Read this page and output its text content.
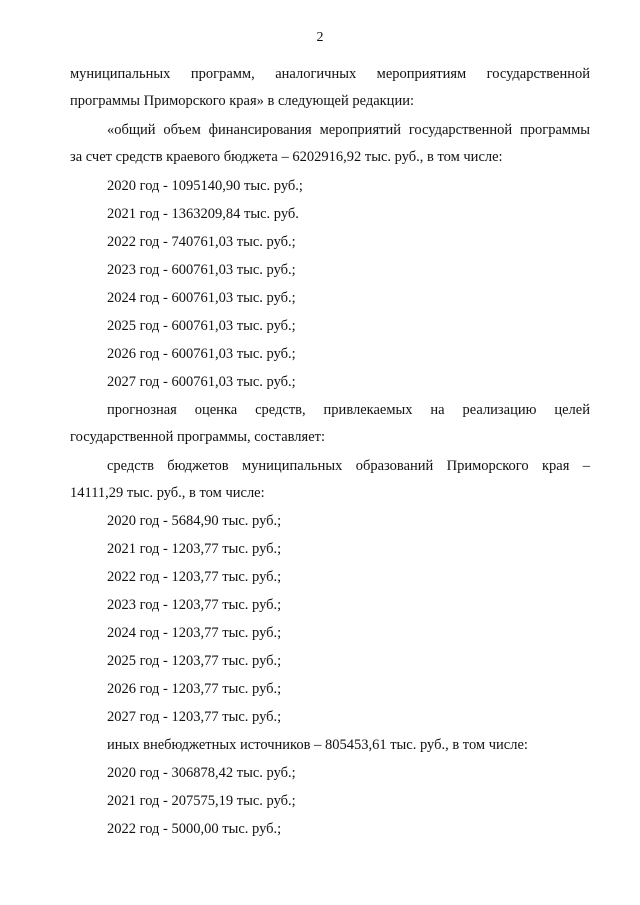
2
муниципальных программ, аналогичных мероприятиям государственной
программы Приморского края» в следующей редакции:
«общий объем финансирования мероприятий государственной программы
за счет средств краевого бюджета – 6202916,92 тыс. руб., в том числе:
2020 год - 1095140,90 тыс. руб.;
2021 год - 1363209,84 тыс. руб.
2022 год - 740761,03 тыс. руб.;
2023 год - 600761,03 тыс. руб.;
2024 год - 600761,03 тыс. руб.;
2025 год - 600761,03 тыс. руб.;
2026 год - 600761,03 тыс. руб.;
2027 год - 600761,03 тыс. руб.;
прогнозная оценка средств, привлекаемых на реализацию целей
государственной программы, составляет:
средств бюджетов муниципальных образований Приморского края –
14111,29 тыс. руб., в том числе:
2020 год - 5684,90 тыс. руб.;
2021 год - 1203,77 тыс. руб.;
2022 год - 1203,77 тыс. руб.;
2023 год - 1203,77 тыс. руб.;
2024 год - 1203,77 тыс. руб.;
2025 год - 1203,77 тыс. руб.;
2026 год - 1203,77 тыс. руб.;
2027 год - 1203,77 тыс. руб.;
иных внебюджетных источников – 805453,61 тыс. руб., в том числе:
2020 год - 306878,42 тыс. руб.;
2021 год - 207575,19 тыс. руб.;
2022 год - 5000,00 тыс. руб.;
